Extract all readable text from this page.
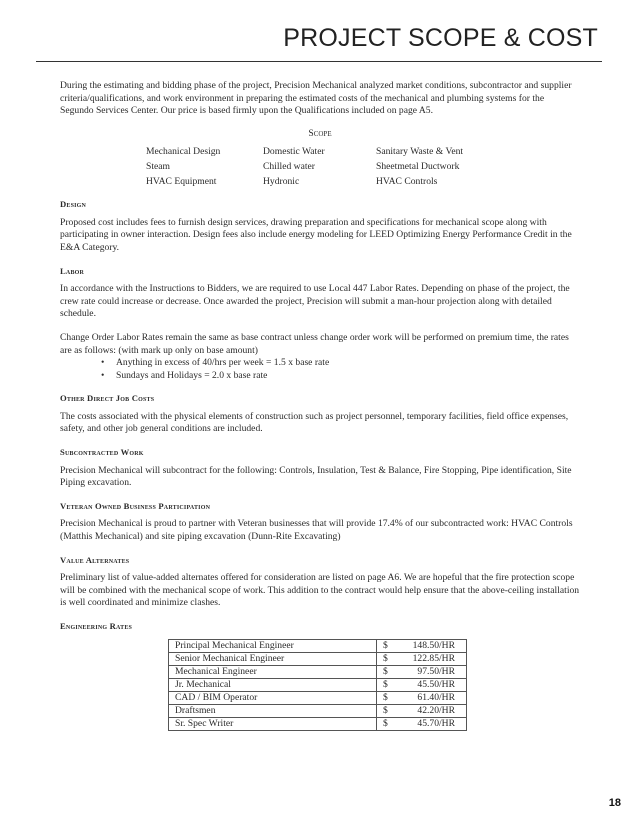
PROJECT SCOPE & COST

During the estimating and bidding phase of the project, Precision Mechanical analyzed market conditions, subcontractor and supplier criteria/qualifications, and work environment in preparing the estimated costs of the mechanical and plumbing systems for the Segundo Services Center. Our price is based firmly upon the Qualifications included on page A5.

Scope
Mechanical Design	Domestic Water	Sanitary Waste & Vent
Steam	Chilled water	Sheetmetal Ductwork
HVAC Equipment	Hydronic	HVAC Controls
Design

Proposed cost includes fees to furnish design services, drawing preparation and specifications for mechanical scope along with participating in owner interaction. Design fees also include energy modeling for LEED Optimizing Energy Performance Credit in the E&A Category.

Labor

In accordance with the Instructions to Bidders, we are required to use Local 447 Labor Rates. Depending on phase of the project, the crew rate could increase or decrease. Once awarded the project, Precision will submit a man-hour projection along with detailed schedule.

Change Order Labor Rates remain the same as base contract unless change order work will be performed on premium time, the rates are as follows: (with mark up only on base amount)

• Anything in excess of 40/hrs per week = 1.5 x base rate
• Sundays and Holidays = 2.0 x base rate
Other Direct Job Costs

The costs associated with the physical elements of construction such as project personnel, temporary facilities, field office expenses, safety, and other job general conditions are included.

Subcontracted Work

Precision Mechanical will subcontract for the following: Controls, Insulation, Test & Balance, Fire Stopping, Pipe identification, Site Piping excavation.

Veteran Owned Business Participation

Precision Mechanical is proud to partner with Veteran businesses that will provide 17.4% of our subcontracted work: HVAC Controls (Matthis Mechanical) and site piping excavation (Dunn-Rite Excavating)

Value Alternates

Preliminary list of value-added alternates offered for consideration are listed on page A6. We are hopeful that the fire protection scope will be combined with the mechanical scope of work. This addition to the contract would help ensure that the above-ceiling installation is well coordinated and minimize clashes.

Engineering Rates
Principal Mechanical Engineer	$ 148.50/HR
Senior Mechanical Engineer	$ 122.85/HR
Mechanical Engineer	$ 97.50/HR
Jr. Mechanical	$ 45.50/HR
CAD / BIM Operator	$ 61.40/HR
Draftsmen	$ 42.20/HR
Sr. Spec Writer	$ 45.70/HR
18
